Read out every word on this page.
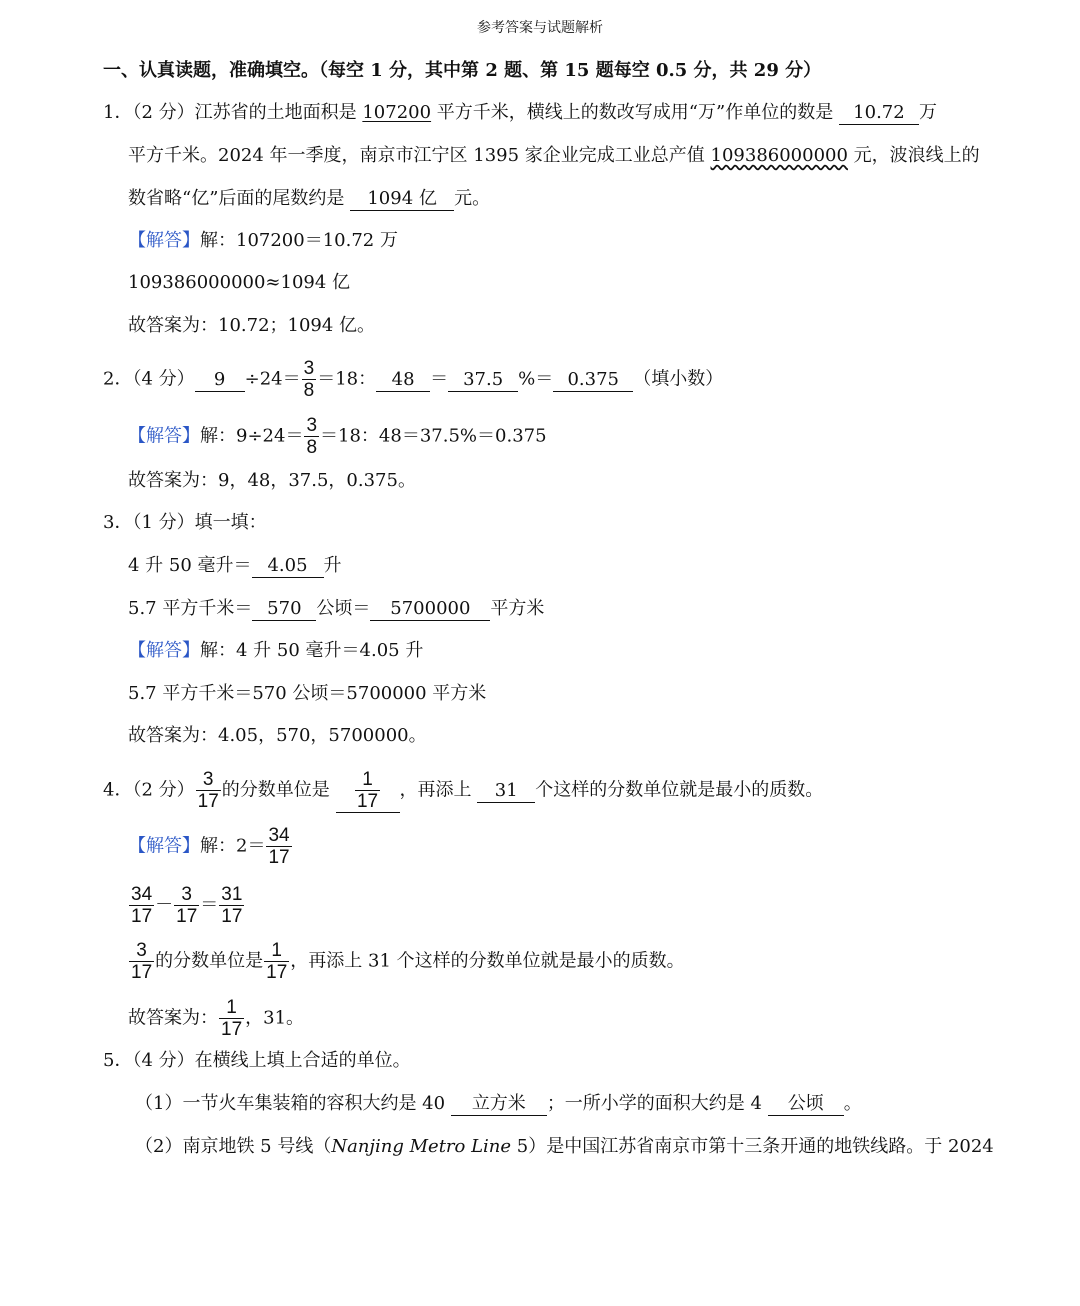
参考答案与试题解析
一、认真读题，准确填空。（每空 1 分，其中第 2 题、第 15 题每空 0.5 分，共 29 分）
1．（2 分）江苏省的土地面积是 107200 平方千米，横线上的数改写成用“万”作单位的数是 10.72 万
平方千米。2024 年一季度，南京市江宁区 1395 家企业完成工业总产值 109386000000 元，波浪线上的
数省略“亿”后面的尾数约是 1094 亿 元。
【解答】解：107200＝10.72 万
109386000000≈1094 亿
故答案为：10.72；1094 亿。
2．（4 分） $9 \div 24= \frac{3}{8} =18$： 48 ＝ 37.5 %＝ 0.375 （填小数）
【解答】解：$9\div 24= \frac{3}{8} =18$：48＝37.5%＝0.375
故答案为：9，48，37.5，0.375。
3．（1 分）填一填：
4 升 50 毫升＝ 4.05 升
5.7 平方千米＝ 570 公顷＝ 5700000 平方米
【解答】解：4 升 50 毫升＝4.05 升
5.7 平方千米＝570 公顷＝5700000 平方米
故答案为：4.05，570，5700000。
4．（2 分） $\frac{3}{17}$ 的分数单位是 $\frac{1}{17}$ ，再添上 31 个这样的分数单位就是最小的质数。
【解答】解：$2= \frac{34}{17}$
$\frac{34}{17} - \frac{3}{17} = \frac{31}{17}$
$\frac{3}{17}$ 的分数单位是 $\frac{1}{17}$ ，再添上 31 个这样的分数单位就是最小的质数。
故答案为： $\frac{1}{17}$ ，31。
5．（4 分）在横线上填上合适的单位。
（1）一节火车集装箱的容积大约是 40 立方米 ；一所小学的面积大约是 4 公顷 。
（2）南京地铁 5 号线（Nanjing Metro Line 5）是中国江苏省南京市第十三条开通的地铁线路。于 2024
